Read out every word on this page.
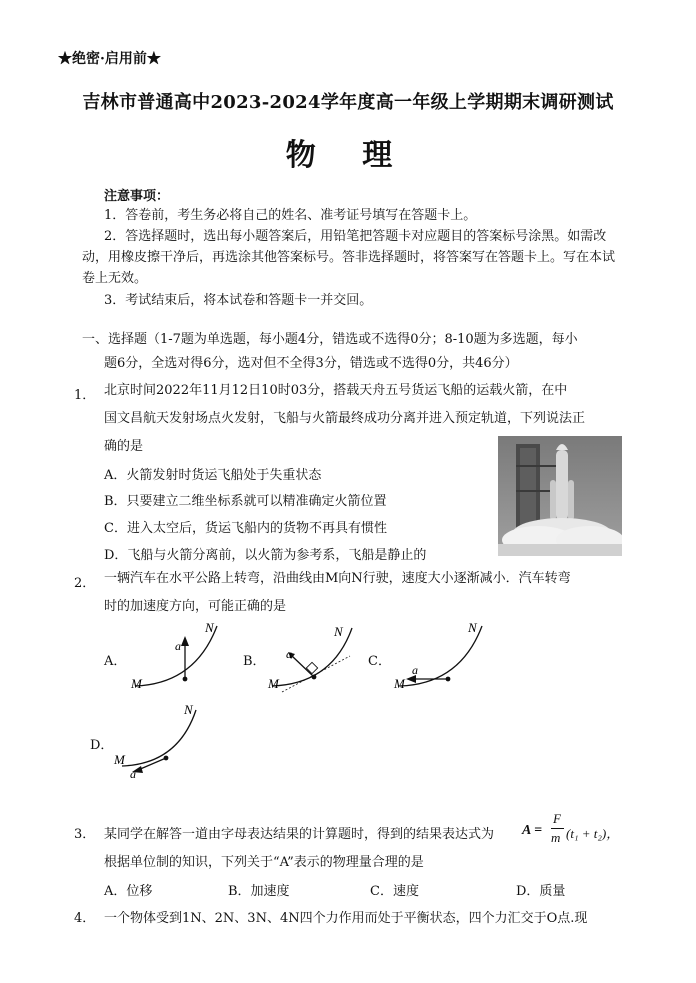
★绝密·启用前★
吉林市普通高中2023-2024学年度高一年级上学期期末调研测试
物 理
注意事项：

1．答卷前，考生务必将自己的姓名、准考证号填写在答题卡上。

2．答选择题时，选出每小题答案后，用铅笔把答题卡对应题目的答案标号涂黑。如需改动，用橡皮擦干净后，再选涂其他答案标号。答非选择题时，将答案写在答题卡上。写在本试卷上无效。

3．考试结束后，将本试卷和答题卡一并交回。

一、选择题（1-7题为单选题，每小题4分，错选或不选得0分；8-10题为多选题，每小
题6分，全选对得6分，选对但不全得3分，错选或不选得0分，共46分）
1． 北京时间2022年11月12日10时03分，搭载天舟五号货运飞船的运载火箭，在中
国文昌航天发射场点火发射，飞船与火箭最终成功分离并进入预定轨道，下列说法正
确的是
A．火箭发射时货运飞船处于失重状态
B．只要建立二维坐标系就可以精准确定火箭位置
C．进入太空后，货运飞船内的货物不再具有惯性
D．飞船与火箭分离前，以火箭为参考系，飞船是静止的
2． 一辆汽车在水平公路上转弯，沿曲线由M向N行驶，速度大小逐渐减小．汽车转弯
时的加速度方向，可能正确的是
A．
a
M
N
B． a
M
N
C．
a
M
N
D．
a
M
N
3． 某同学在解答一道由字母表达结果的计算题时，得到的结果表达式为 A =
F
m (t₁ + t₂)，
根据单位制的知识，下列关于“A”表示的物理量合理的是
A．位移	B．加速度	C．速度	D．质量
4． 一个物体受到1N、2N、3N、4N四个力作用而处于平衡状态，四个力汇交于O点.现
